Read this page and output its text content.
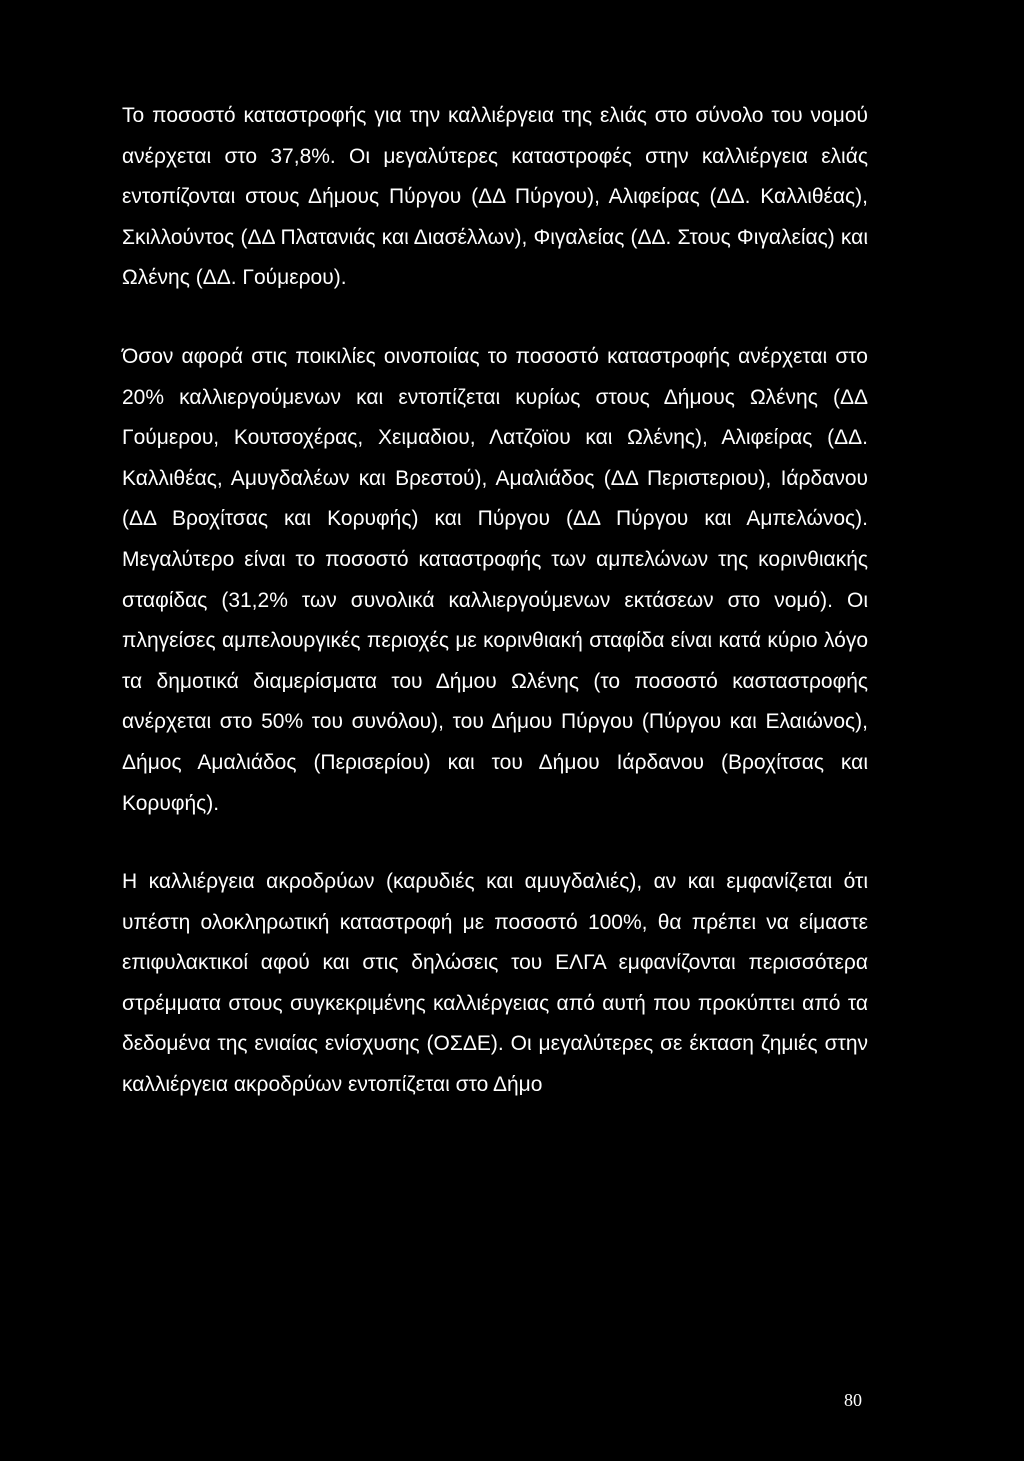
Το ποσοστό καταστροφής για την καλλιέργεια της ελιάς στο σύνολο του νομού ανέρχεται στο 37,8%. Οι μεγαλύτερες καταστροφές στην καλλιέργεια ελιάς εντοπίζονται στους Δήμους Πύργου (ΔΔ Πύργου), Αλιφείρας (ΔΔ. Καλλιθέας), Σκιλλούντος (ΔΔ Πλατανιάς και Διασέλλων), Φιγαλείας (ΔΔ. Στους Φιγαλείας) και Ωλένης (ΔΔ. Γούμερου).

Όσον αφορά στις ποικιλίες οινοποιίας το ποσοστό καταστροφής ανέρχεται στο 20% καλλιεργούμενων και εντοπίζεται κυρίως στους Δήμους Ωλένης (ΔΔ Γούμερου, Κουτσοχέρας, Χειμαδιου, Λατζοϊου και Ωλένης), Αλιφείρας (ΔΔ. Καλλιθέας, Αμυγδαλέων και Βρεστού), Αμαλιάδος (ΔΔ Περιστεριου), Ιάρδανου (ΔΔ Βροχίτσας και Κορυφής) και Πύργου (ΔΔ Πύργου και Αμπελώνος). Μεγαλύτερο είναι το ποσοστό καταστροφής των αμπελώνων της κορινθιακής σταφίδας (31,2% των συνολικά καλλιεργούμενων εκτάσεων στο νομό). Οι πληγείσες αμπελουργικές περιοχές με κορινθιακή σταφίδα είναι κατά κύριο λόγο τα δημοτικά διαμερίσματα του Δήμου Ωλένης (το ποσοστό κασταστροφής ανέρχεται στο 50% του συνόλου), του Δήμου Πύργου (Πύργου και Ελαιώνος), Δήμος Αμαλιάδος (Περισερίου) και του Δήμου Ιάρδανου (Βροχίτσας και Κορυφής).

Η καλλιέργεια ακροδρύων (καρυδιές και αμυγδαλιές), αν και εμφανίζεται ότι υπέστη ολοκληρωτική καταστροφή με ποσοστό 100%, θα πρέπει να είμαστε επιφυλακτικοί αφού και στις δηλώσεις του ΕΛΓΑ εμφανίζονται περισσότερα στρέμματα στους συγκεκριμένης καλλιέργειας από αυτή που προκύπτει από τα δεδομένα της ενιαίας ενίσχυσης (ΟΣΔΕ). Οι μεγαλύτερες σε έκταση ζημιές στην καλλιέργεια ακροδρύων εντοπίζεται στο Δήμο

80
